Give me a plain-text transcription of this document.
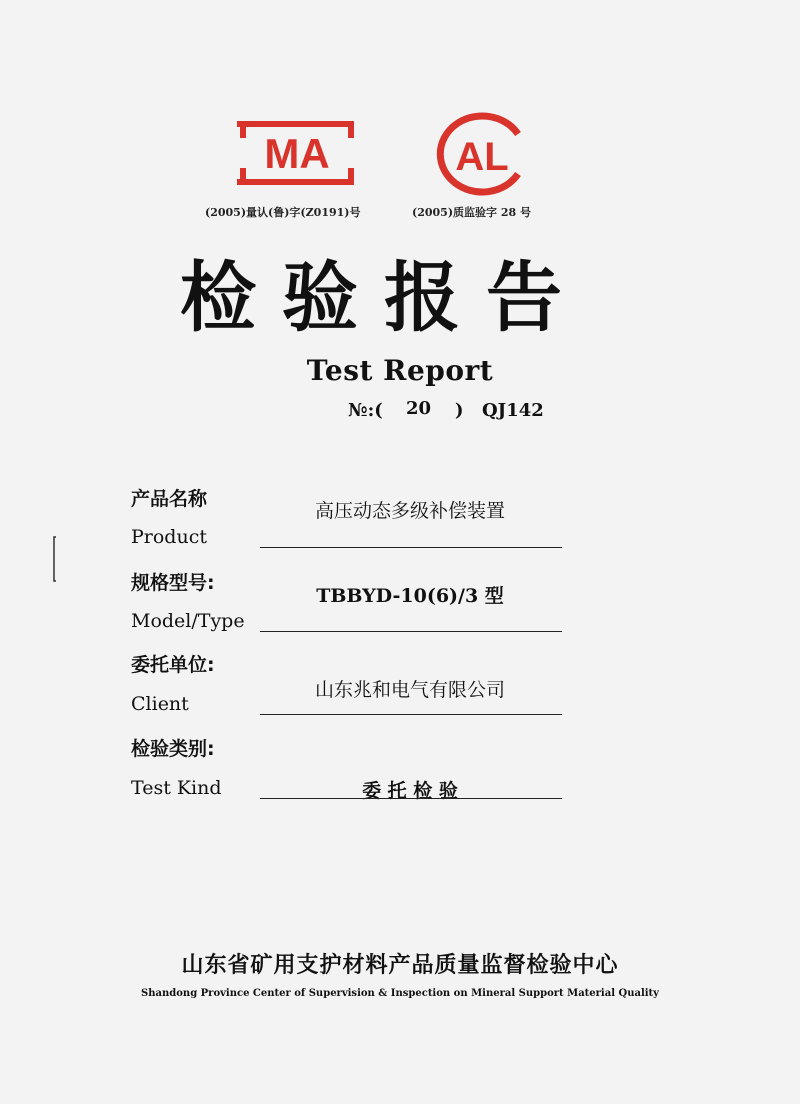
MA	AL
(2005)量认(鲁)字(Z0191)号	(2005)质监验字 28 号
检验报告
Test Report
№:( 20 ) QJ142
产品名称
高压动态多级补偿装置
Product
规格型号:
TBBYD-10(6)/3 型
Model/Type
委托单位:
山东兆和电气有限公司
Client
检验类别:
委 托 检 验
Test Kind
山东省矿用支护材料产品质量监督检验中心
Shandong Province Center of Supervision & Inspection on Mineral Support Material Quality
